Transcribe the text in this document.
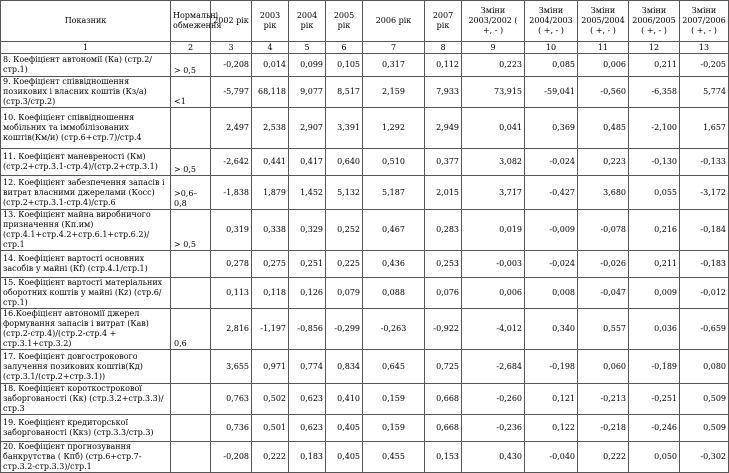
Показник	Нормальні обмеження	2002 рік	2003 рік	2004 рік	2005 рік	2006 рік	2007 рік	Зміни 2003/2002 ( +, - )	Зміни 2004/2003 ( +, - )	Зміни 2005/2004 ( +, - )	Зміни 2006/2005 ( +, - )	Зміни 2007/2006 ( +, - )
1	2	3	4	5	6	7	8	9	10	11	12	13
8. Коефіцієнт автономії (Ка) (стр.2/стр.1)	> 0,5	-0,208	0,014	0,099	0,105	0,317	0,112	0,223	0,085	0,006	0,211	-0,205
9. Коефіцієнт співвідношення позикових і власних коштів (Кз/а) (стр.3/стр.2)	<1	-5,797	68,118	9,077	8,517	2,159	7,933	73,915	-59,041	-0,560	-6,358	5,774
10. Коефіцієнт співвідношення мобільних та іммобілізованих коштів(Км/и) (стр.6+стр.7)/стр.4		2,497	2,538	2,907	3,391	1,292	2,949	0,041	0,369	0,485	-2,100	1,657
11. Коефіцієнт маневреності (Км) (стр.2+стр.3.1-стр.4)/(стр.2+стр.3.1)	> 0,5	-2,642	0,441	0,417	0,640	0,510	0,377	3,082	-0,024	0,223	-0,130	-0,133
12. Коефіцієнт забезпечення запасів і витрат власними джерелами (Косс) (стр.2+стр.3.1-стр.4)/стр.6	>0,6–0,8	-1,838	1,879	1,452	5,132	5,187	2,015	3,717	-0,427	3,680	0,055	-3,172
13. Коефіцієнт майна виробничого призначення (Кп.им) (стр.4.1+стр.4.2+стр.6.1+стр.6.2)/стр.1	> 0,5	0,319	0,338	0,329	0,252	0,467	0,283	0,019	-0,009	-0,078	0,216	-0,184
14. Коефіцієнт вартості основних засобів у майні (Кf) (стр.4.1/стр.1)		0,278	0,275	0,251	0,225	0,436	0,253	-0,003	-0,024	-0,026	0,211	-0,183
15. Коефіцієнт вартості матеріальних оборотних коштів у майні (Кz) (стр.6/стр.1)		0,113	0,118	0,126	0,079	0,088	0,076	0,006	0,008	-0,047	0,009	-0,012
16.Коефіцієнт автономії джерел формування запасів і витрат (Кав) (стр.2-стр.4)/(стр.2-стр.4 + стр.3.1+стр.3.2)	0,6	2,816	-1,197	-0,856	-0,299	-0,263	-0,922	-4,012	0,340	0,557	0,036	-0,659
17. Коефіцієнт довгострокового залучення позикових коштів(Кд) (стр.3.1/(стр.2+стр.3.1))		3,655	0,971	0,774	0,834	0,645	0,725	-2,684	-0,198	0,060	-0,189	0,080
18. Коефіцієнт короткострокової заборгованості (Кк) (стр.3.2+стр.3.3)/стр.3		0,763	0,502	0,623	0,410	0,159	0,668	-0,260	0,121	-0,213	-0,251	0,509
19. Коефіцієнт кредиторської заборгованості (Ккз) (стр.3.3/стр.3)		0,736	0,501	0,623	0,405	0,159	0,668	-0,236	0,122	-0,218	-0,246	0,509
20. Коефіцієнт прогнозування банкрутства ( Кпб) (стр.6+стр.7-стр.3.2-стр.3.3)/стр.1		-0,208	0,222	0,183	0,405	0,455	0,153	0,430	-0,040	0,222	0,050	-0,302
